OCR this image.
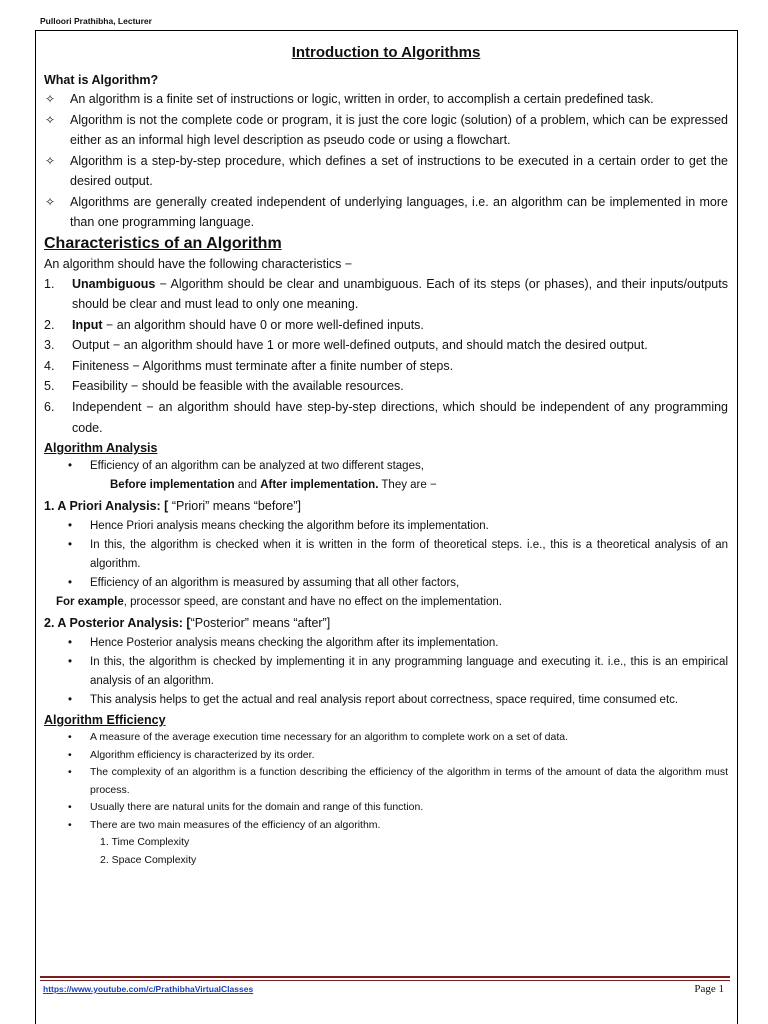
Pulloori Prathibha, Lecturer
Introduction to Algorithms
What is Algorithm?
✧ An algorithm is a finite set of instructions or logic, written in order, to accomplish a certain predefined task.
✧ Algorithm is not the complete code or program, it is just the core logic (solution) of a problem, which can be expressed either as an informal high level description as pseudo code or using a flowchart.
✧ Algorithm is a step-by-step procedure, which defines a set of instructions to be executed in a certain order to get the desired output.
✧ Algorithms are generally created independent of underlying languages, i.e. an algorithm can be implemented in more than one programming language.
Characteristics of an Algorithm

An algorithm should have the following characteristics −

1. Unambiguous − Algorithm should be clear and unambiguous. Each of its steps (or phases), and their inputs/outputs should be clear and must lead to only one meaning.
2. Input − an algorithm should have 0 or more well-defined inputs.
3. Output − an algorithm should have 1 or more well-defined outputs, and should match the desired output.
4. Finiteness − Algorithms must terminate after a finite number of steps.
5. Feasibility − should be feasible with the available resources.
6. Independent − an algorithm should have step-by-step directions, which should be independent of any programming code.
Algorithm Analysis
• Efficiency of an algorithm can be analyzed at two different stages,

Before implementation and After implementation. They are −

1. A Priori Analysis: [ “Priori” means “before”]

• Hence Priori analysis means checking the algorithm before its implementation.
• In this, the algorithm is checked when it is written in the form of theoretical steps. i.e., this is a theoretical analysis of an algorithm.
• Efficiency of an algorithm is measured by assuming that all other factors,

For example, processor speed, are constant and have no effect on the implementation.

2. A Posterior Analysis: [“Posterior” means “after”]

• Hence Posterior analysis means checking the algorithm after its implementation.
• In this, the algorithm is checked by implementing it in any programming language and executing it. i.e., this is an empirical analysis of an algorithm.
• This analysis helps to get the actual and real analysis report about correctness, space required, time consumed etc.
Algorithm Efficiency
• A measure of the average execution time necessary for an algorithm to complete work on a set of data.
• Algorithm efficiency is characterized by its order.
• The complexity of an algorithm is a function describing the efficiency of the algorithm in terms of the amount of data the algorithm must process.
• Usually there are natural units for the domain and range of this function.
• There are two main measures of the efficiency of an algorithm.

1. Time Complexity

2. Space Complexity

https://www.youtube.com/c/PrathibhaVirtualClasses	Page 1
